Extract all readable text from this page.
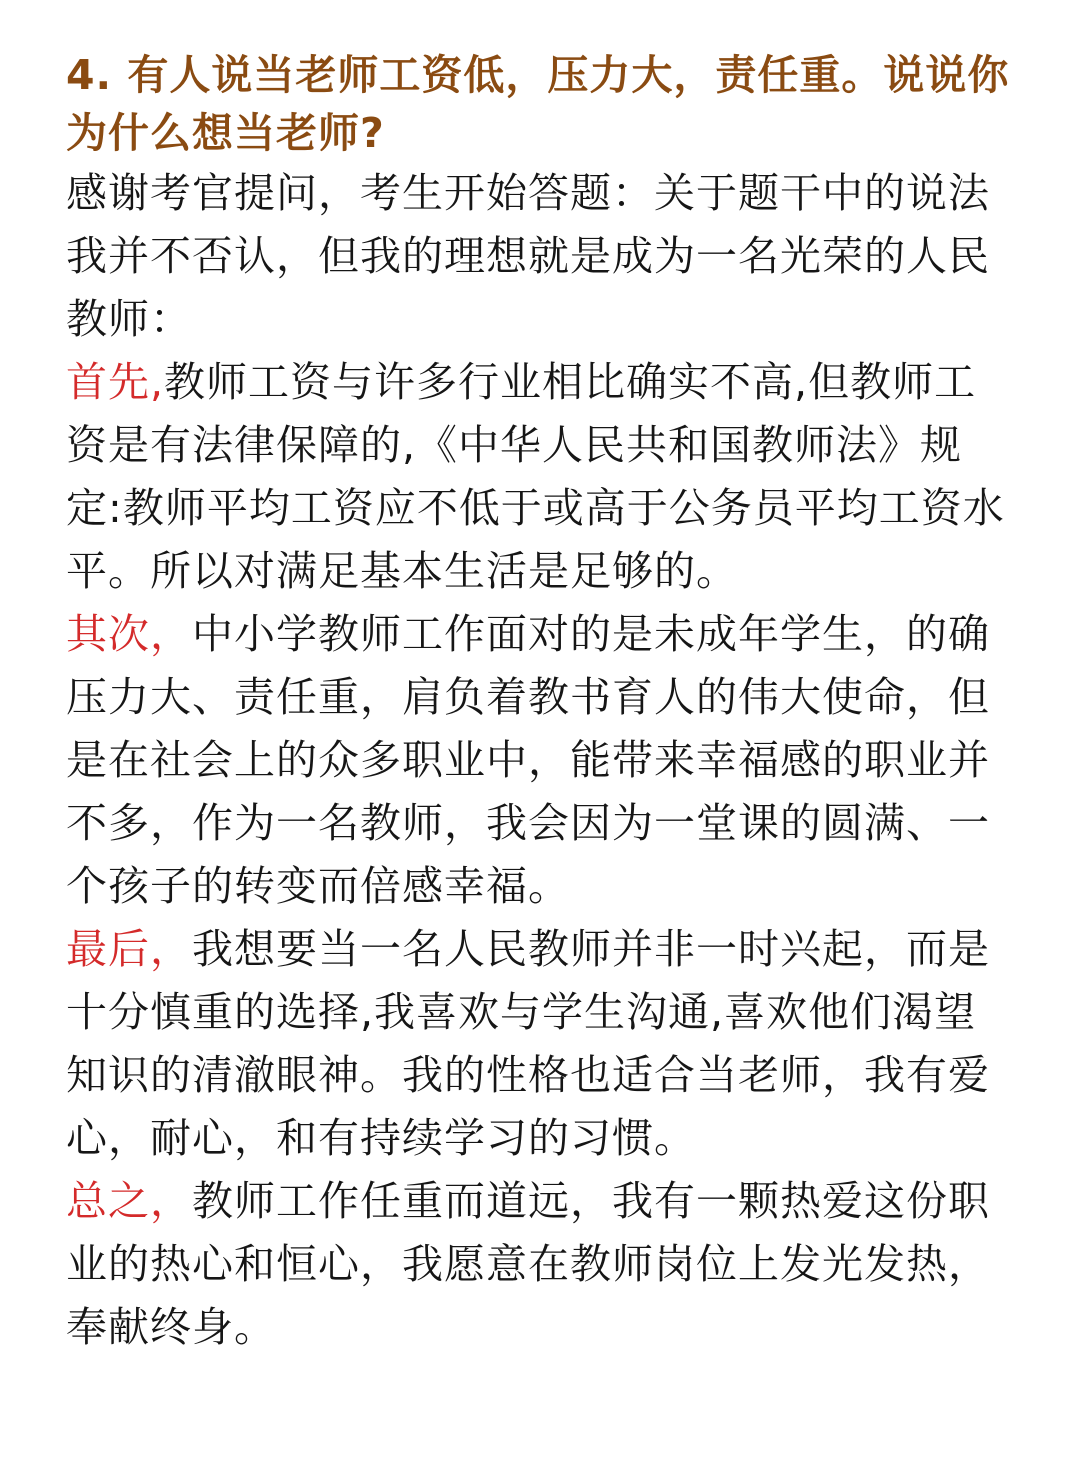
4. 有人说当老师工资低，压力大，责任重。说说你为什么想当老师?

感谢考官提问，考生开始答题：关于题干中的说法我并不否认，但我的理想就是成为一名光荣的人民教师：

首先,教师工资与许多行业相比确实不高,但教师工资是有法律保障的,《中华人民共和国教师法》规定:教师平均工资应不低于或高于公务员平均工资水平。所以对满足基本生活是足够的。

其次，中小学教师工作面对的是未成年学生，的确压力大、责任重，肩负着教书育人的伟大使命，但是在社会上的众多职业中，能带来幸福感的职业并不多，作为一名教师，我会因为一堂课的圆满、一个孩子的转变而倍感幸福。

最后，我想要当一名人民教师并非一时兴起，而是十分慎重的选择,我喜欢与学生沟通,喜欢他们渴望知识的清澈眼神。我的性格也适合当老师，我有爱心，耐心，和有持续学习的习惯。

总之，教师工作任重而道远，我有一颗热爱这份职业的热心和恒心，我愿意在教师岗位上发光发热，奉献终身。
